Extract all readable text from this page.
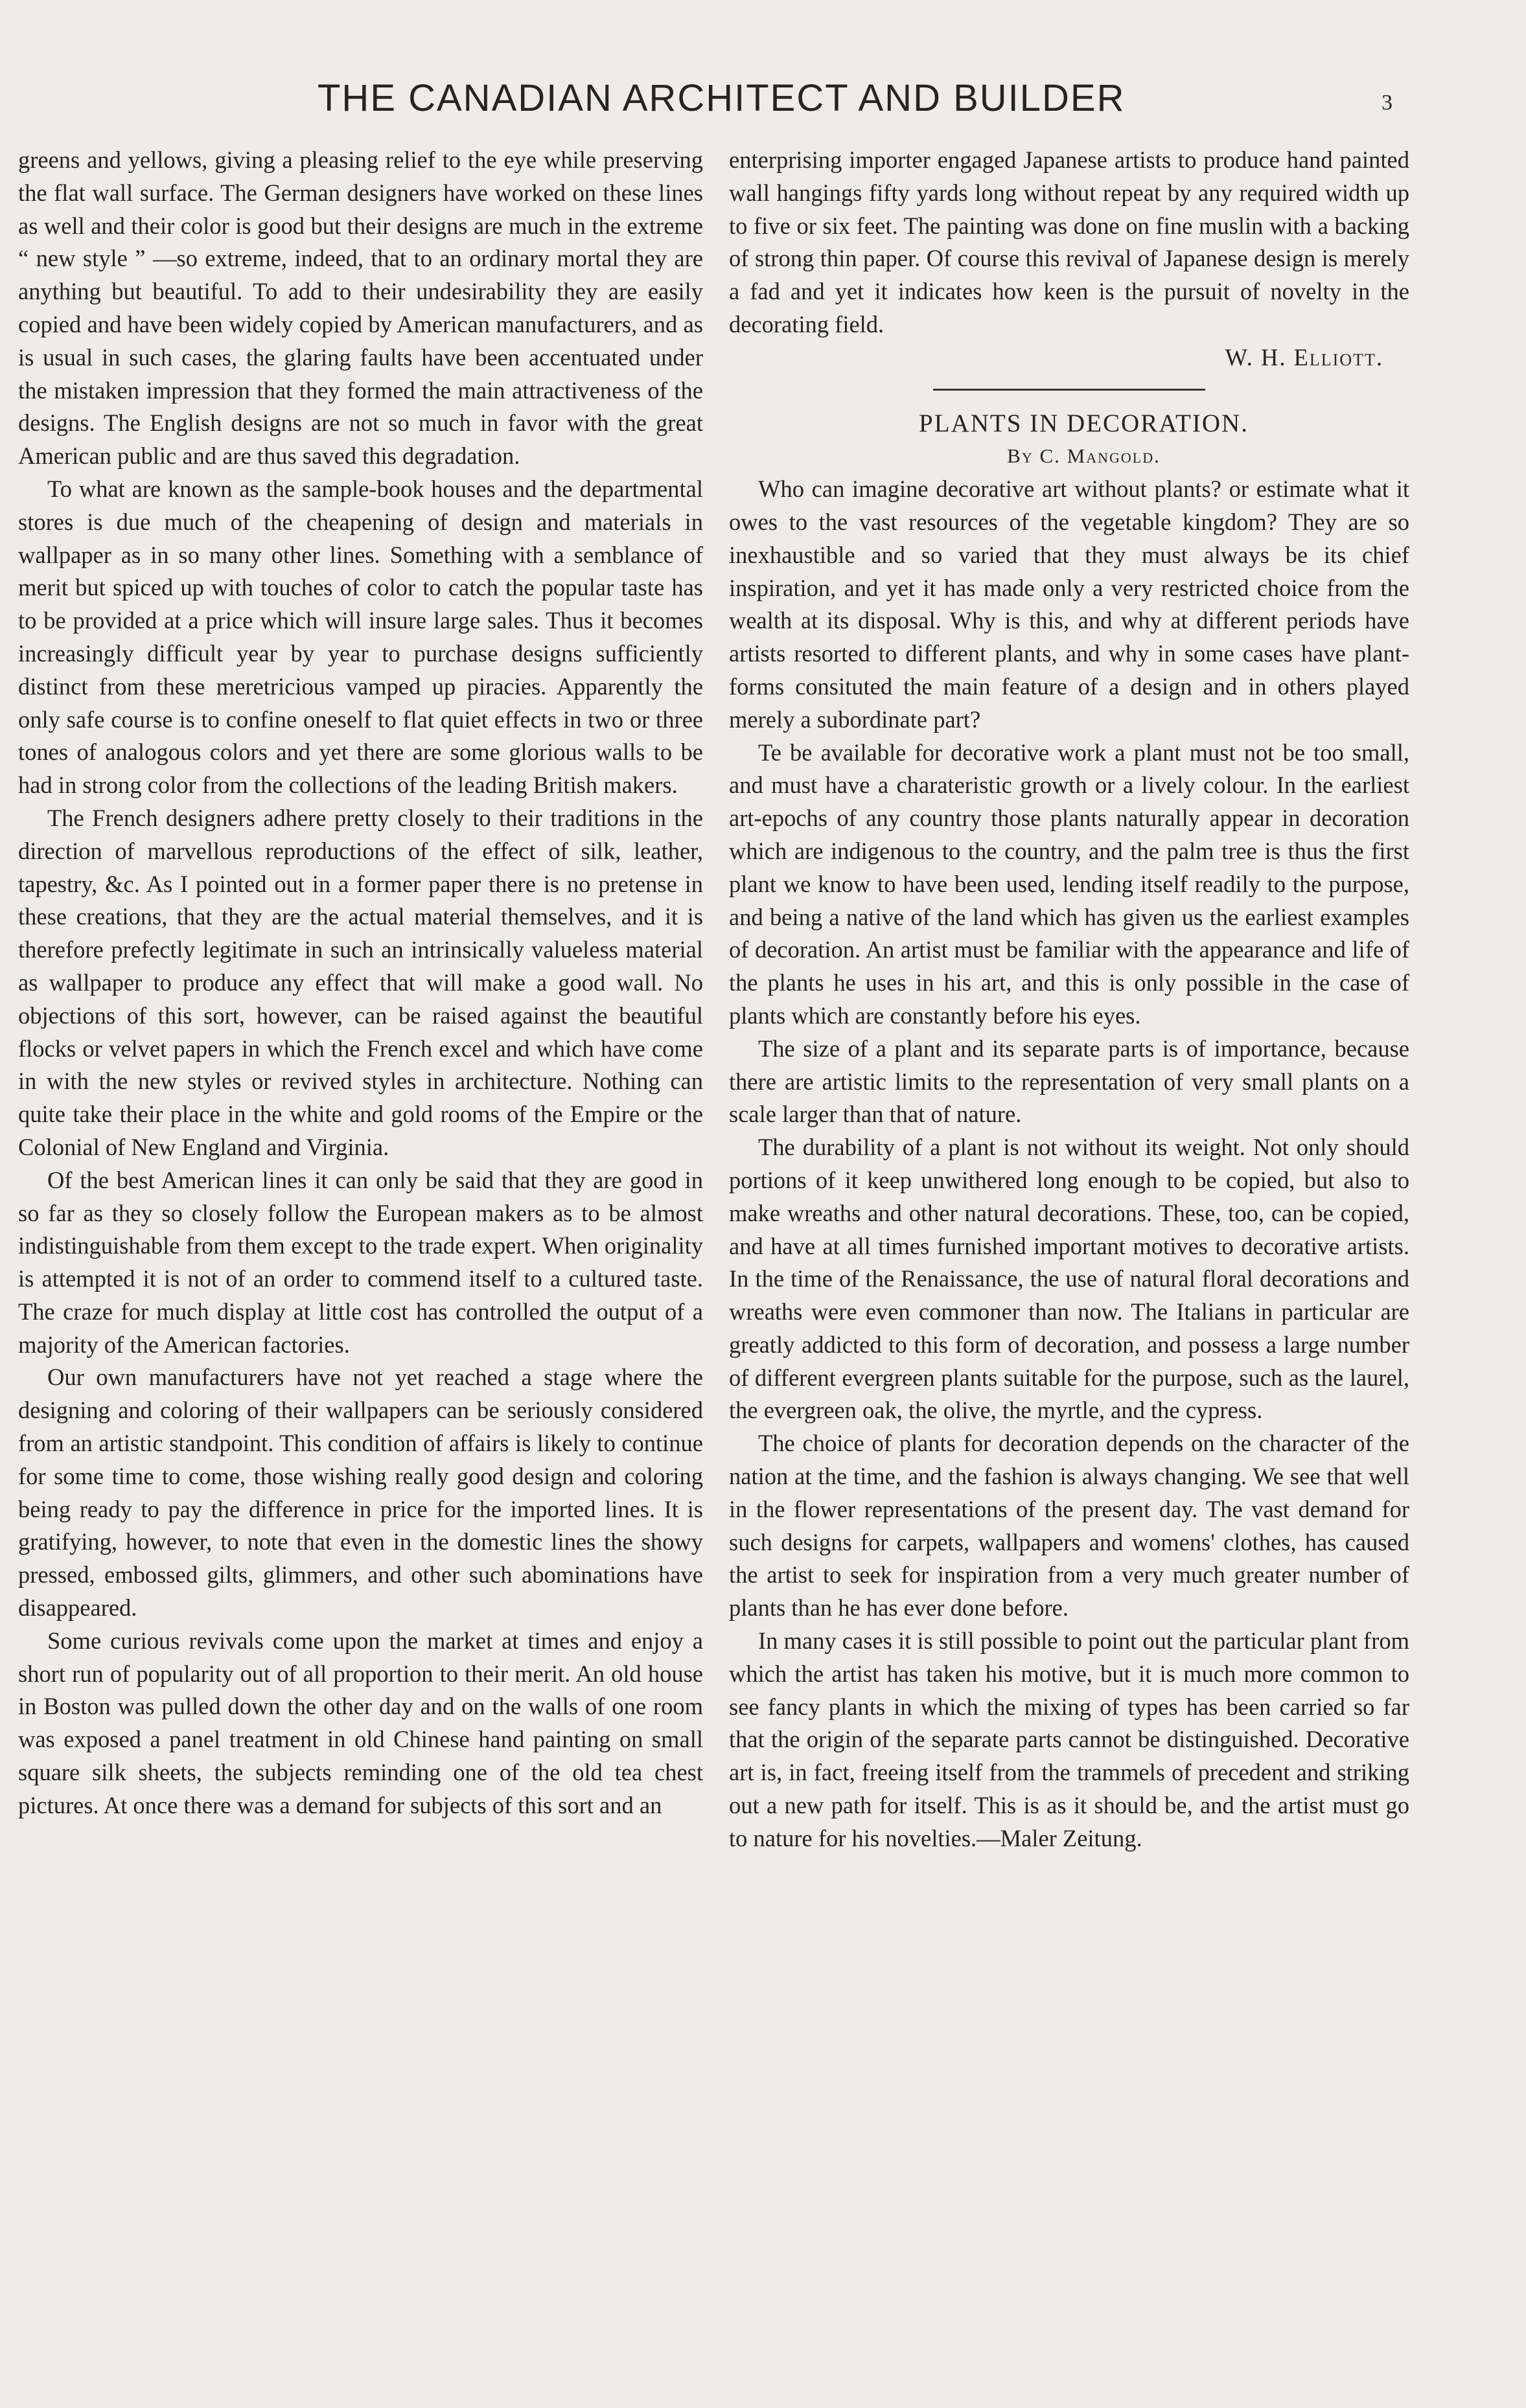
THE CANADIAN ARCHITECT AND BUILDER	3

greens and yellows, giving a pleasing relief to the eye while preserving the flat wall surface. The German designers have worked on these lines as well and their color is good but their designs are much in the extreme “ new style ” —so extreme, indeed, that to an ordinary mortal they are anything but beautiful. To add to their undesirability they are easily copied and have been widely copied by American manufacturers, and as is usual in such cases, the glaring faults have been accentuated under the mistaken impression that they formed the main attractiveness of the designs. The English designs are not so much in favor with the great American public and are thus saved this degradation.

To what are known as the sample-book houses and the departmental stores is due much of the cheapening of design and materials in wallpaper as in so many other lines. Something with a semblance of merit but spiced up with touches of color to catch the popular taste has to be provided at a price which will insure large sales. Thus it becomes increasingly difficult year by year to purchase designs sufficiently distinct from these meretricious vamped up piracies. Apparently the only safe course is to confine oneself to flat quiet effects in two or three tones of analogous colors and yet there are some glorious walls to be had in strong color from the collections of the leading British makers.

The French designers adhere pretty closely to their traditions in the direction of marvellous reproductions of the effect of silk, leather, tapestry, &c. As I pointed out in a former paper there is no pretense in these creations, that they are the actual material themselves, and it is therefore prefectly legitimate in such an intrinsically valueless material as wallpaper to produce any effect that will make a good wall. No objections of this sort, however, can be raised against the beautiful flocks or velvet papers in which the French excel and which have come in with the new styles or revived styles in architecture. Nothing can quite take their place in the white and gold rooms of the Empire or the Colonial of New England and Virginia.

Of the best American lines it can only be said that they are good in so far as they so closely follow the European makers as to be almost indistinguishable from them except to the trade expert. When originality is attempted it is not of an order to commend itself to a cultured taste. The craze for much display at little cost has controlled the output of a majority of the American factories.

Our own manufacturers have not yet reached a stage where the designing and coloring of their wallpapers can be seriously considered from an artistic standpoint. This condition of affairs is likely to continue for some time to come, those wishing really good design and coloring being ready to pay the difference in price for the imported lines. It is gratifying, however, to note that even in the domestic lines the showy pressed, embossed gilts, glimmers, and other such abominations have disappeared.

Some curious revivals come upon the market at times and enjoy a short run of popularity out of all proportion to their merit. An old house in Boston was pulled down the other day and on the walls of one room was exposed a panel treatment in old Chinese hand painting on small square silk sheets, the subjects reminding one of the old tea chest pictures. At once there was a demand for subjects of this sort and an

enterprising importer engaged Japanese artists to produce hand painted wall hangings fifty yards long without repeat by any required width up to five or six feet. The painting was done on fine muslin with a backing of strong thin paper. Of course this revival of Japanese design is merely a fad and yet it indicates how keen is the pursuit of novelty in the decorating field.

W. H. Elliott.

PLANTS IN DECORATION.

By C. Mangold.

Who can imagine decorative art without plants? or estimate what it owes to the vast resources of the vegetable kingdom? They are so inexhaustible and so varied that they must always be its chief inspiration, and yet it has made only a very restricted choice from the wealth at its disposal. Why is this, and why at different periods have artists resorted to different plants, and why in some cases have plant-forms consituted the main feature of a design and in others played merely a subordinate part?

Te be available for decorative work a plant must not be too small, and must have a charateristic growth or a lively colour. In the earliest art-epochs of any country those plants naturally appear in decoration which are indigenous to the country, and the palm tree is thus the first plant we know to have been used, lending itself readily to the purpose, and being a native of the land which has given us the earliest examples of decoration. An artist must be familiar with the appearance and life of the plants he uses in his art, and this is only possible in the case of plants which are constantly before his eyes.

The size of a plant and its separate parts is of importance, because there are artistic limits to the representation of very small plants on a scale larger than that of nature.

The durability of a plant is not without its weight. Not only should portions of it keep unwithered long enough to be copied, but also to make wreaths and other natural decorations. These, too, can be copied, and have at all times furnished important motives to decorative artists. In the time of the Renaissance, the use of natural floral decorations and wreaths were even commoner than now. The Italians in particular are greatly addicted to this form of decoration, and possess a large number of different evergreen plants suitable for the purpose, such as the laurel, the evergreen oak, the olive, the myrtle, and the cypress.

The choice of plants for decoration depends on the character of the nation at the time, and the fashion is always changing. We see that well in the flower representations of the present day. The vast demand for such designs for carpets, wallpapers and womens' clothes, has caused the artist to seek for inspiration from a very much greater number of plants than he has ever done before.

In many cases it is still possible to point out the particular plant from which the artist has taken his motive, but it is much more common to see fancy plants in which the mixing of types has been carried so far that the origin of the separate parts cannot be distinguished. Decorative art is, in fact, freeing itself from the trammels of precedent and striking out a new path for itself. This is as it should be, and the artist must go to nature for his novelties.—Maler Zeitung.
